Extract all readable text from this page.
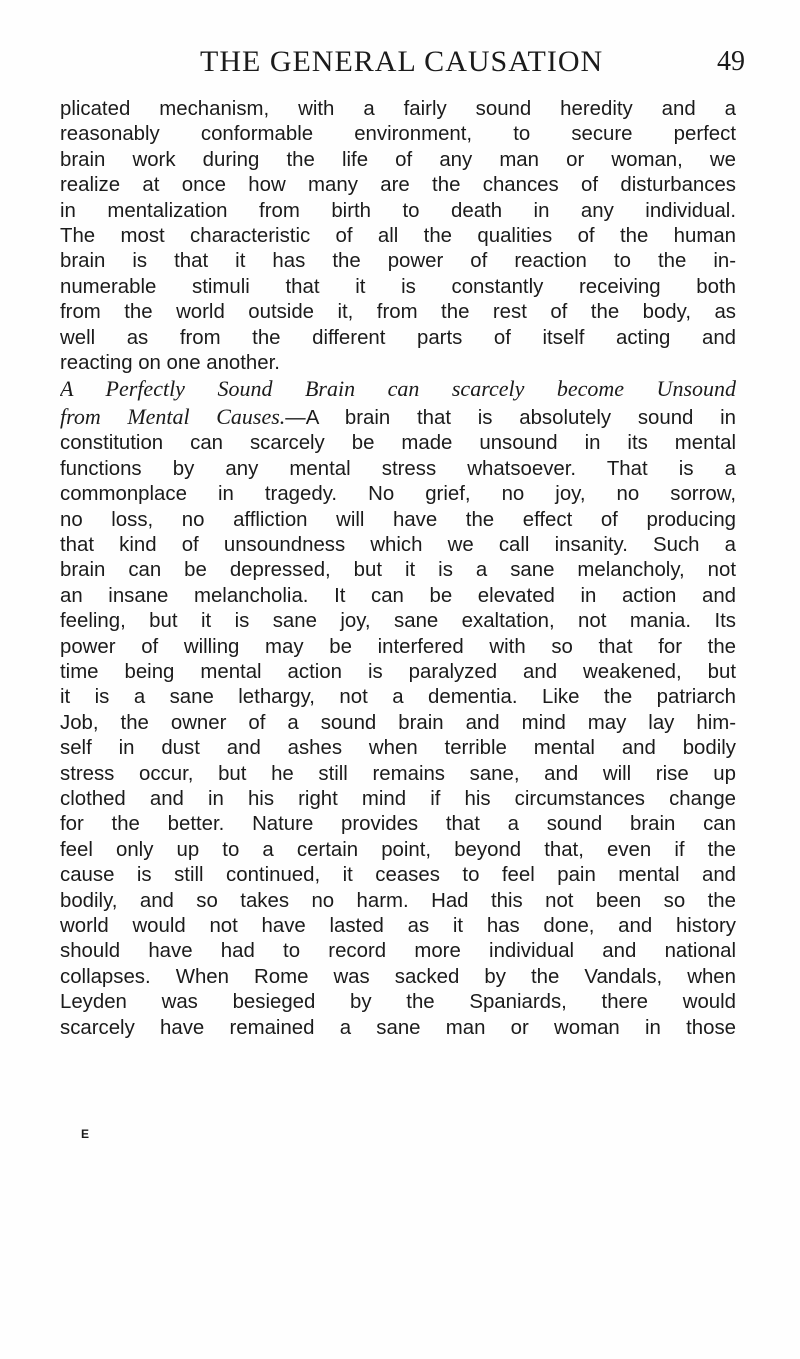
THE GENERAL CAUSATION	49

plicated mechanism, with a fairly sound heredity and a
reasonably conformable environment, to secure perfect
brain work during the life of any man or woman, we
realize at once how many are the chances of disturbances
in mentalization from birth to death in any individual.
The most characteristic of all the qualities of the human
brain is that it has the power of reaction to the in-
numerable stimuli that it is constantly receiving both
from the world outside it, from the rest of the body, as
well as from the different parts of itself acting and
reacting on one another.

A Perfectly Sound Brain can scarcely become Unsound
from Mental Causes.—A brain that is absolutely sound in
constitution can scarcely be made unsound in its mental
functions by any mental stress whatsoever. That is a
commonplace in tragedy. No grief, no joy, no sorrow,
no loss, no affliction will have the effect of producing
that kind of unsoundness which we call insanity. Such a
brain can be depressed, but it is a sane melancholy, not
an insane melancholia. It can be elevated in action and
feeling, but it is sane joy, sane exaltation, not mania. Its
power of willing may be interfered with so that for the
time being mental action is paralyzed and weakened, but
it is a sane lethargy, not a dementia. Like the patriarch
Job, the owner of a sound brain and mind may lay him-
self in dust and ashes when terrible mental and bodily
stress occur, but he still remains sane, and will rise up
clothed and in his right mind if his circumstances change
for the better. Nature provides that a sound brain can
feel only up to a certain point, beyond that, even if the
cause is still continued, it ceases to feel pain mental and
bodily, and so takes no harm. Had this not been so the
world would not have lasted as it has done, and history
should have had to record more individual and national
collapses. When Rome was sacked by the Vandals, when
Leyden was besieged by the Spaniards, there would
scarcely have remained a sane man or woman in those

E
